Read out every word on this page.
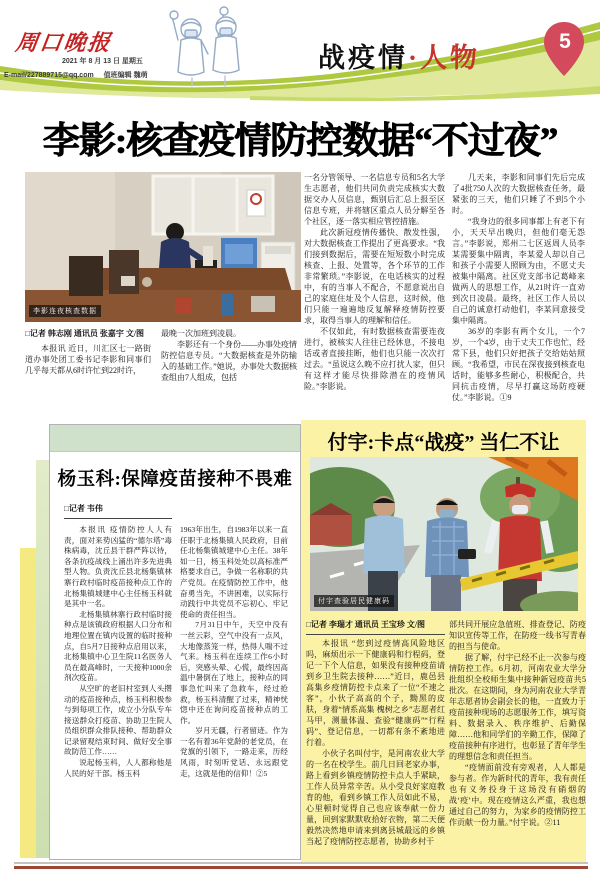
周口晚报
2021 年 8 月 13 日 星期五
E-mail/227889715@qq.com 值班编辑 魏萌
战疫情·人物
5
李影:核查疫情防控数据“不过夜”
李影连夜核查数据
□记者 韩志刚 通讯员 张嘉宇 文/图

本报讯 近日，川汇区七一路街道办事处团工委书记李影和同事们几乎每天都从6时许忙到22时许，

最晚一次加班到凌晨。

李影还有一个身份——办事处疫情防控信息专员。“大数据核查是外防输入的基础工作。”她说，办事处大数据核查组由7人组成，包括

一名分管领导、一名信息专员和5名大学生志愿者，他们共同负责完成核实大数据交办人员信息，甄别后汇总上报至区信息专班，并将辖区重点人员分解至各个社区，逐一落实相应管控措施。

此次新冠疫情传播快、散发性强，对大数据核查工作提出了更高要求。“我们接到数据后，需要在短短数小时完成核查、上报、处置等，各个环节的工作非常繁琐。”李影说，在电话核实的过程中，有的当事人不配合，不愿意说出自己的家庭住址及个人信息，这时候，他们只能一遍遍地反复解释疫情防控要求，取得当事人的理解和信任。

不仅如此，有时数据核查需要连夜进行，被核实人往往已经休息，不接电话或者直接挂断，他们也只能一次次打过去。“虽说这么晚不应打扰人家，但只有这样才能尽快排除潜在的疫情风险。”李影说。

几天来，李影和同事们先后完成了4批750人次的大数据核查任务，最紧张的三天，他们只睡了不到5个小时。

“我身边的很多同事都上有老下有小，天天早出晚归，但他们毫无怨言。”李影说，郑州二七区返周人员李某需要集中隔离，李某爱人却以自己和孩子小需要人照顾为由，不愿丈夫被集中隔离。社区党支部书记葛峰来做两人的思想工作，从21时许一直劝到次日凌晨。最终，社区工作人员以自己的诚意打动他们，李某同意接受集中隔离。

36岁的李影有两个女儿，一个7岁，一个4岁，由于丈夫工作也忙，经常下县，他们只好把孩子交给姑姑照顾。“我希望，市民在深夜接到核查电话时，能够多些耐心，积极配合，共同抗击疫情，尽早打赢这场防疫硬仗。”李影说。①9

杨玉科:保障疫苗接种不畏难
□记者 韦伟

本报讯 疫情防控人人有责，面对来势凶猛的“德尔塔”毒株病毒，沈丘县干群严阵以待，各条抗疫战线上涌出许多先进典型人物。负责沈丘县北杨集镇林寨行政村临时疫苗接种点工作的北杨集镇城建中心主任杨玉科就是其中一名。

北杨集镇林寨行政村临时接种点是该镇政府根据人口分布和地理位置在镇内设置的临时接种点，自5月7日接种点启用以来，北杨集镇中心卫生院11名医务人员在最高峰时，一天接种1000余剂次疫苗。

从空旷的老旧村室到人头攒动的疫苗接种点，杨玉科积极参与到每项工作，成立小分队专车接送群众打疫苗、协助卫生院人员组织群众排队接种、帮助群众记录留观结束时间、做好安全事故防范工作……

说起杨玉科，人人都称他是人民的好干部。杨玉科

1963年出生，自1983年以来一直任职于北杨集镇人民政府，目前任北杨集镇城建中心主任。38年如一日，杨玉科处处以高标准严格要求自己，争做一名称职的共产党员。在疫情防控工作中，他奋勇当先，不讲困难，以实际行动践行中共党员不忘初心、牢记使命的责任担当。

7月31日中午，天空中没有一丝云彩，空气中没有一点风，大地像蒸笼一样，热得人喘不过气来。杨玉科在连续工作6小时后，突感头晕、心慌，最终因高温中暑倒在了地上，接种点的同事急忙叫来了急救车，经过抢救，杨玉科清醒了过来，精神恍惚中还在询问疫苗接种点的工作。

岁月无疆，行者留迹。作为一名有着36年党龄的老党员，在党旗的引领下，一路走来，历经风雨，时刻听党话、永远跟党走，这就是他的信仰！②5

付宇:卡点“战疫” 当仁不让
付宇查验居民健康码
□记者 李瑞才 通讯员 王宝珍 文/图

本报讯 “您到过疫情高风险地区吗，麻烦出示一下健康码和行程码，登记一下个人信息，如果没有接种疫苗请到乡卫生院去接种……”近日，鹿邑县高集乡疫情防控卡点来了一位“不速之客”，小伙子高高的个子，黝黑的皮肤，身着“情系高集 槐树之乡”志愿者红马甲，测量体温、查验“健康码”“行程码”、登记信息，一切都有条不紊地进行着。

小伙子名叫付宇，是河南农业大学的一名在校学生。前几日回老家办事，路上看到乡镇疫情防控卡点人手紧缺，工作人员异常辛苦。从小受良好家庭教育的他，看到乡镇工作人员如此不易，心里顿时觉得自己也应该奉献一份力量，回到家默默收拾好衣物，第二天便毅然决然地申请来到离县城最远的乡镇当起了疫情防控志愿者，协助乡村干

部共同开展应急值班、排查登记、防疫知识宣传等工作，在防疫一线书写青春的担当与使命。

据了解，付宇已经不止一次参与疫情防控工作。6月初，河南农业大学分批组织全校师生集中接种新冠疫苗共5批次。在这期间，身为河南农业大学青年志愿者协会副会长的他，一直致力于疫苗接种现场的志愿服务工作，填写资料、数据录入、秩序维护、后勤保障……他和同学们的辛勤工作，保障了疫苗接种有序进行，也彰显了青年学生的理想信念和责任担当。

“疫情面前没有旁观者，人人都是参与者。作为新时代的青年，我有责任也有义务投身于这场没有硝烟的战‘疫’中。现在疫情这么严重，我也想通过自己的努力，为家乡的疫情防控工作贡献一份力量。”付宇说。②11
